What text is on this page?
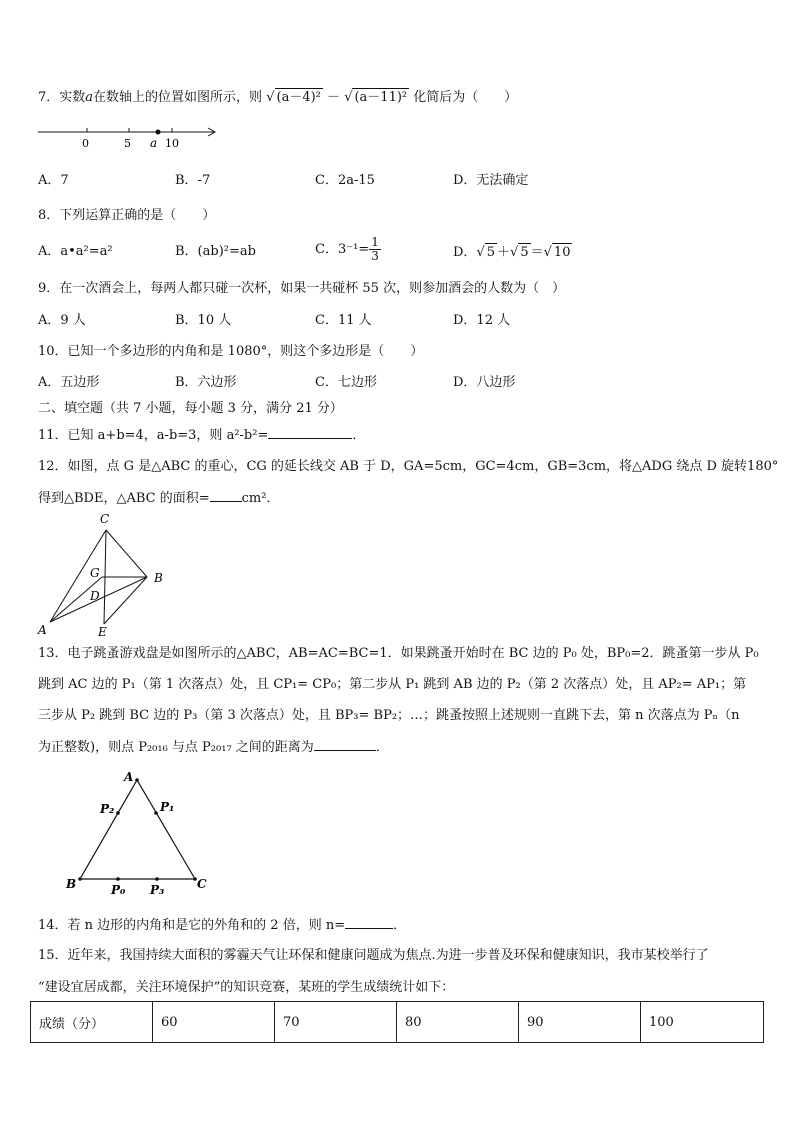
7．实数a在数轴上的位置如图所示，则 √ (a－4)² － √ (a－11)² 化简后为（　　）
0	5 a 10
A．7	B．-7	C．2a-15	D．无法确定
8．下列运算正确的是（　　）
A．a•a²=a²	B．(ab)²=ab	C．$3^{-1}= \frac{1}{3}$	D．√ 5 ＋√ 5 ＝√ 10
9．在一次酒会上，每两人都只碰一次杯，如果一共碰杯 55 次，则参加酒会的人数为（　）
A．9 人	B．10 人	C．11 人	D．12 人
10．已知一个多边形的内角和是 1080°，则这个多边形是（　　）
A．五边形	B．六边形	C．七边形	D．八边形
二、填空题（共 7 小题，每小题 3 分，满分 21 分）
11．已知 a+b=4，a-b=3，则 a²-b²=	．
12．如图，点 G 是△ABC 的重心，CG 的延长线交 AB 于 D，GA=5cm，GC=4cm，GB=3cm，将△ADG 绕点 D 旋转180°
得到△BDE，△ABC 的面积= cm²．
C
G	B
D
A	E
13．电子跳蚤游戏盘是如图所示的△ABC，AB=AC=BC=1．如果跳蚤开始时在 BC 边的 P₀ 处，BP₀=2．跳蚤第一步从 P₀
跳到 AC 边的 P₁（第 1 次落点）处，且 CP₁= CP₀；第二步从 P₁ 跳到 AB 边的 P₂（第 2 次落点）处，且 AP₂= AP₁；第
三步从 P₂ 跳到 BC 边的 P₃（第 3 次落点）处，且 BP₃= BP₂；…；跳蚤按照上述规则一直跳下去，第 n 次落点为 Pₙ（n
为正整数)，则点 P₂₀₁₆ 与点 P₂₀₁₇ 之间的距离为	．
A
P₂	P₁
B	P₀ P₃	C
14．若 n 边形的内角和是它的外角和的 2 倍，则 n=	．
15．近年来，我国持续大面积的雾霾天气让环保和健康问题成为焦点.为进一步普及环保和健康知识，我市某校举行了
“建设宜居成都，关注环境保护”的知识竞赛，某班的学生成绩统计如下：
成绩（分）	60	70	80	90	100
